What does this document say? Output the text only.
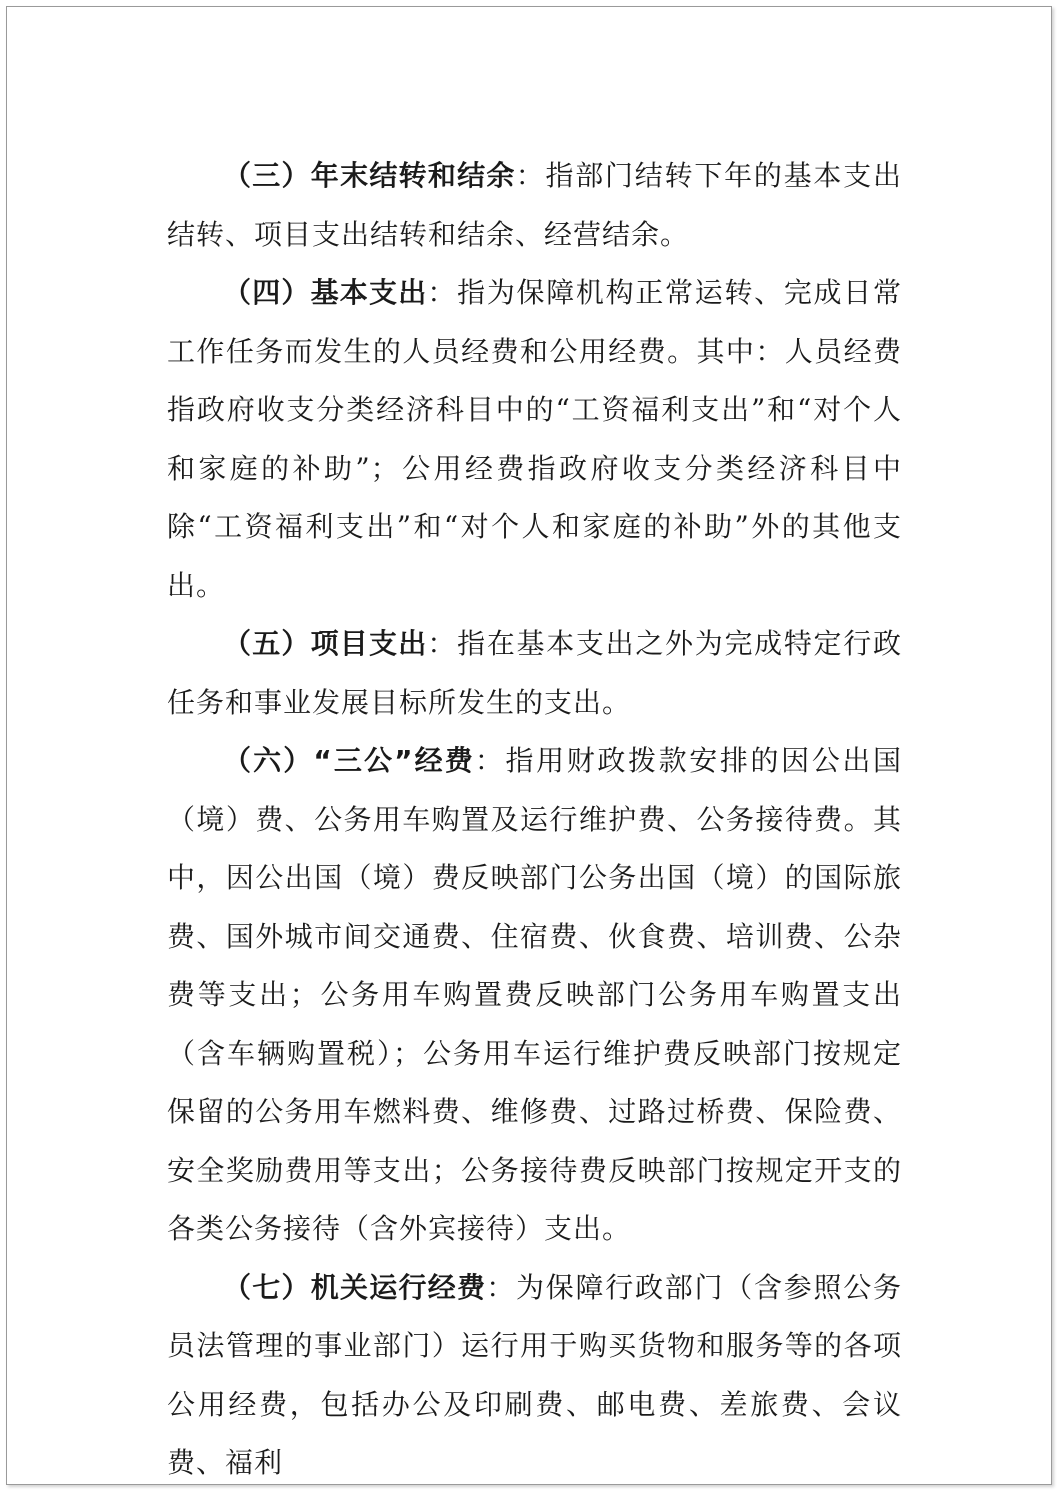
（三）年末结转和结余：指部门结转下年的基本支出结转、项目支出结转和结余、经营结余。

（四）基本支出：指为保障机构正常运转、完成日常工作任务而发生的人员经费和公用经费。其中：人员经费指政府收支分类经济科目中的“工资福利支出”和“对个人和家庭的补助”；公用经费指政府收支分类经济科目中除“工资福利支出”和“对个人和家庭的补助”外的其他支出。

（五）项目支出：指在基本支出之外为完成特定行政任务和事业发展目标所发生的支出。

（六）“三公”经费：指用财政拨款安排的因公出国（境）费、公务用车购置及运行维护费、公务接待费。其中，因公出国（境）费反映部门公务出国（境）的国际旅费、国外城市间交通费、住宿费、伙食费、培训费、公杂费等支出；公务用车购置费反映部门公务用车购置支出（含车辆购置税）；公务用车运行维护费反映部门按规定保留的公务用车燃料费、维修费、过路过桥费、保险费、安全奖励费用等支出；公务接待费反映部门按规定开支的各类公务接待（含外宾接待）支出。

（七）机关运行经费：为保障行政部门（含参照公务员法管理的事业部门）运行用于购买货物和服务等的各项公用经费，包括办公及印刷费、邮电费、差旅费、会议费、福利
